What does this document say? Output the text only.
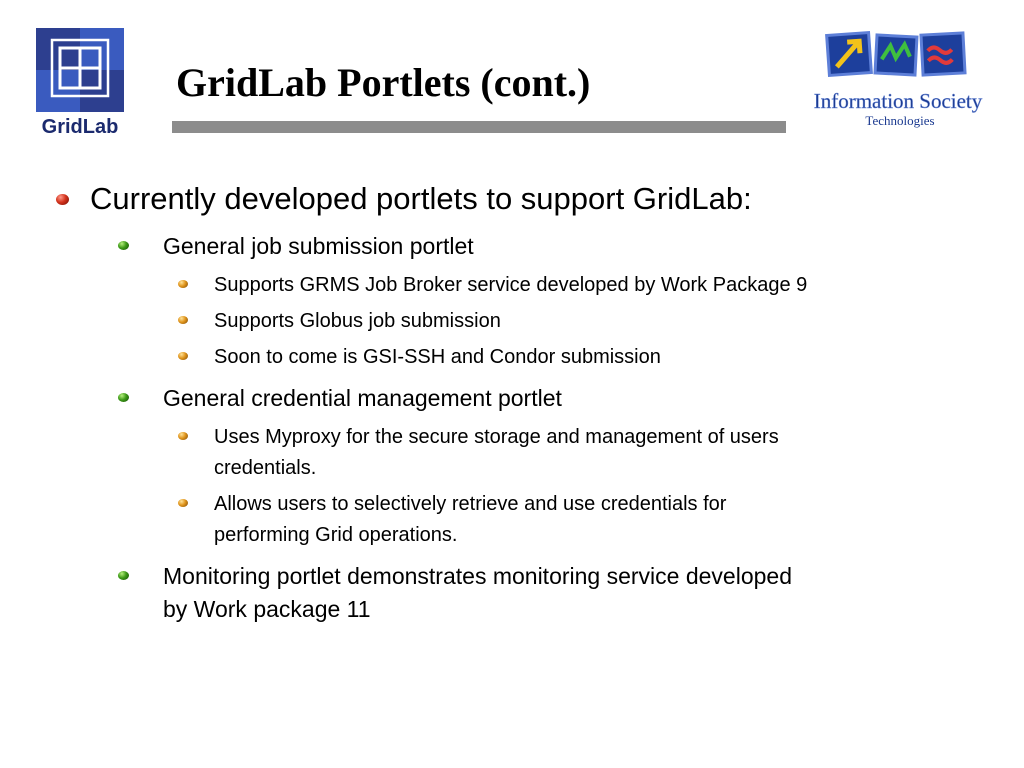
GridLab
GridLab Portlets (cont.)	Information Society
Technologies
Currently developed portlets to support GridLab:
General job submission portlet
Supports GRMS Job Broker service developed by Work Package 9
Supports Globus job submission
Soon to come is GSI-SSH and Condor submission
General credential management portlet
Uses Myproxy for the secure storage and management of users
credentials.
Allows users to selectively retrieve and use credentials for
performing Grid operations.
Monitoring portlet demonstrates monitoring service developed
by Work package 11
